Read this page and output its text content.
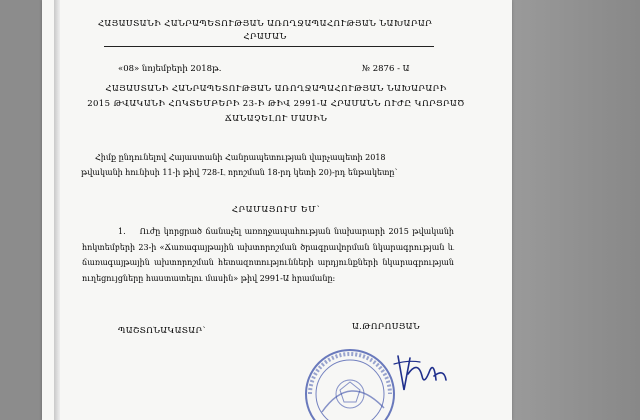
ՀԱՅԱՍՏԱՆԻ ՀԱՆՐԱՊԵՏՈՒԹՅԱՆ ԱՌՈՂՋԱՊԱՀՈՒԹՅԱՆ ՆԱԽԱՐԱՐ
ՀՐԱՄԱՆ
«08» նոյեմբերի 2018թ.	№ 2876 - Ա
ՀԱՅԱՍՏԱՆԻ ՀԱՆՐԱՊԵՏՈՒԹՅԱՆ ԱՌՈՂՋԱՊԱՀՈՒԹՅԱՆ ՆԱԽԱՐԱՐԻ
2015 ԹՎԱԿԱՆԻ ՀՈԿՏԵՄԲԵՐԻ 23-Ի ԹԻՎ 2991-Ա ՀՐԱՄԱՆՆ ՈՒԺԸ ԿՈՐՑՐԱԾ
ՃԱՆԱՉԵԼՈՒ ՄԱՍԻՆ
Հիմք ընդունելով Հայաստանի Հանրապետության վարչապետի 2018
թվականի հունիսի 11-ի թիվ 728-Լ որոշման 18-րդ կետի 20)-րդ ենթակետը՝
ՀՐԱՄԱՅՈՒՄ ԵՄ՝
1. Ուժը կորցրած ճանաչել առողջապահության նախարարի 2015 թվականի հոկտեմբերի 23-ի «Ճառագայթային ախտորոշման ծրագրավորման նկարագրության և ճառագայթային ախտորոշման հետազոտությունների արդյունքների նկարագրության ուղեցույցները հաստատելու մասին» թիվ 2991-Ա հրամանը:
ՊԱՇՏՈՆԱԿԱՏԱՐ՝	Ա.ԹՈՐՈՍՅԱՆ
